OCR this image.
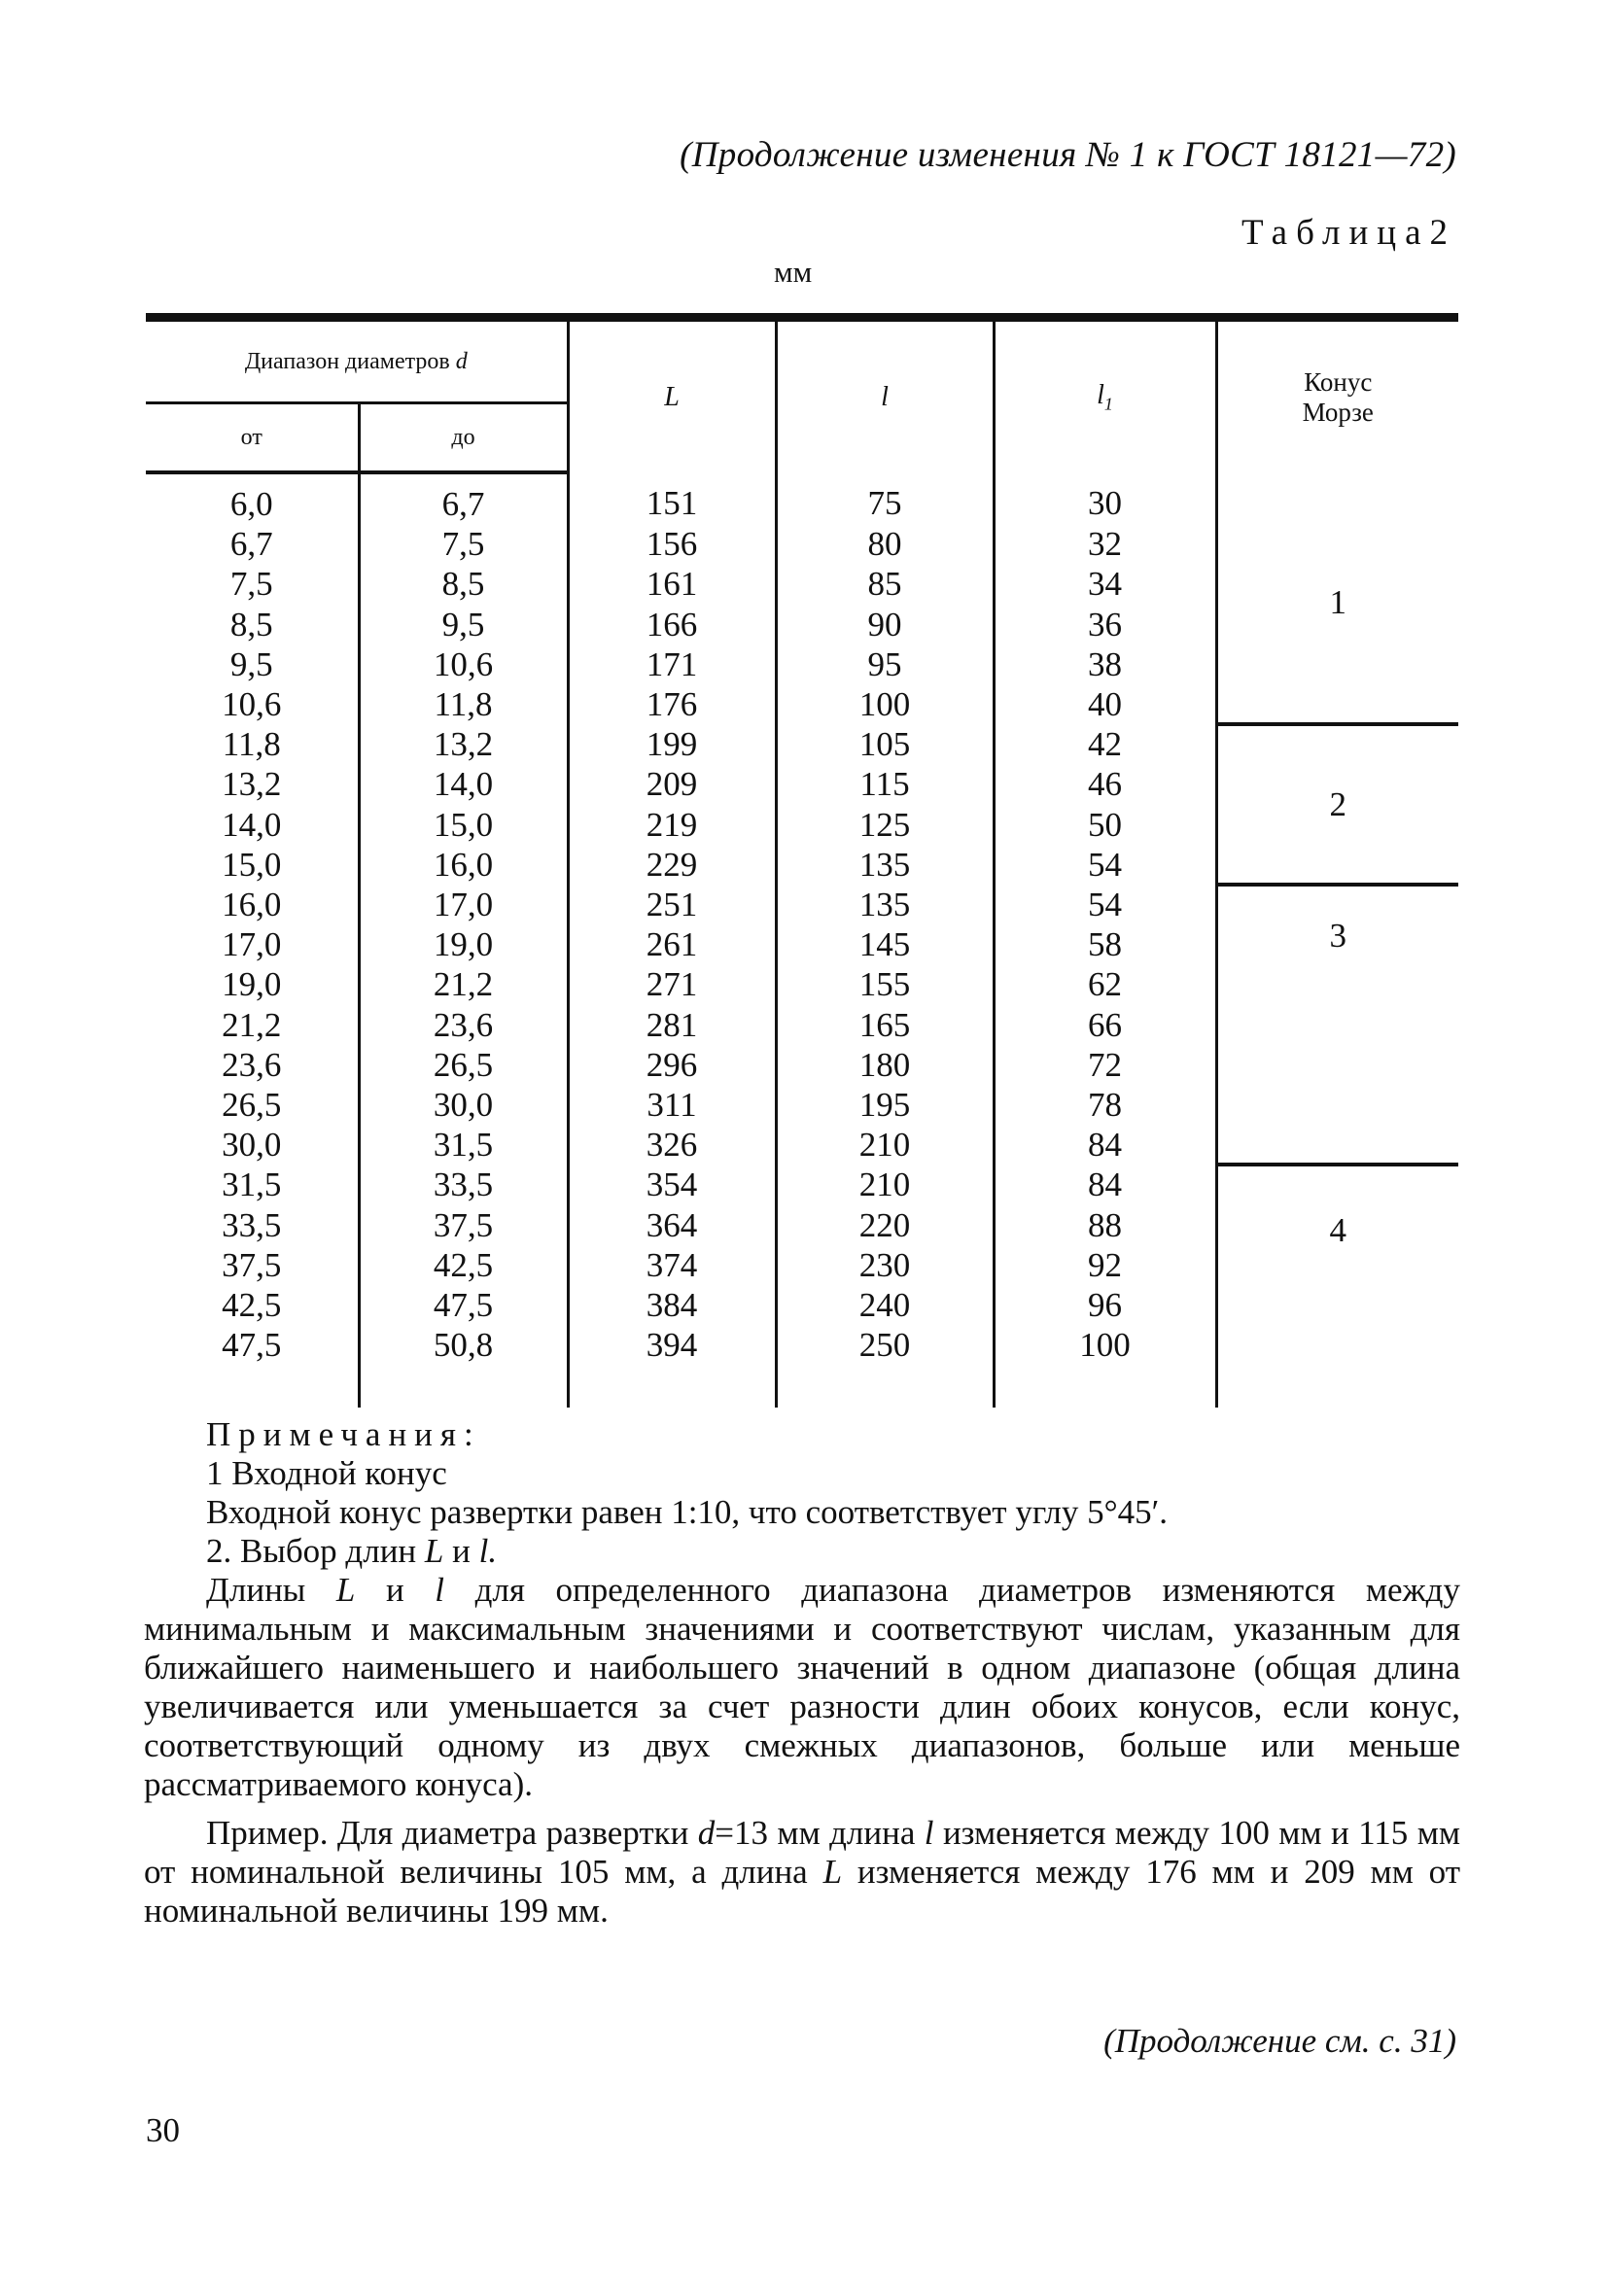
(Продолжение изменения № 1 к ГОСТ 18121—72)
Таблица2
мм
Диапазон диаметров d		L	l	$l_1$	Конус
Морзе
от	до				
6,0	6,7	151	75	30	1
6,7	7,5	156	80	32	
7,5	8,5	161	85	34	
8,5	9,5	166	90	36	
9,5	10,6	171	95	38	
10,6	11,8	176	100	40	
11,8	13,2	199	105	42	2
13,2	14,0	209	115	46	
14,0	15,0	219	125	50	
15,0	16,0	229	135	54	
16,0	17,0	251	135	54	3
17,0	19,0	261	145	58	
19,0	21,2	271	155	62	
21,2	23,6	281	165	66	
23,6	26,5	296	180	72	
26,5	30,0	311	195	78	
30,0	31,5	326	210	84	
31,5	33,5	354	210	84	4
33,5	37,5	364	220	88	
37,5	42,5	374	230	92	
42,5	47,5	384	240	96	
47,5	50,8	394	250	100	

Примечания:

1 Входной конус

Входной конус развертки равен 1:10, что соответствует углу 5°45′.

2. Выбор длин L и l.

Длины L и l для определенного диапазона диаметров изменяются между минимальным и максимальным значениями и соответствуют числам, указанным для ближайшего наименьшего и наибольшего значений в одном диапазоне (общая длина увеличивается или уменьшается за счет разности длин обоих конусов, если конус, соответствующий одному из двух смежных диапазонов, больше или меньше рассматриваемого конуса).

Пример. Для диаметра развертки d=13 мм длина l изменяется между 100 мм и 115 мм от номинальной величины 105 мм, а длина L изменяется между 176 мм и 209 мм от номинальной величины 199 мм.

(Продолжение см. с. 31)
30
